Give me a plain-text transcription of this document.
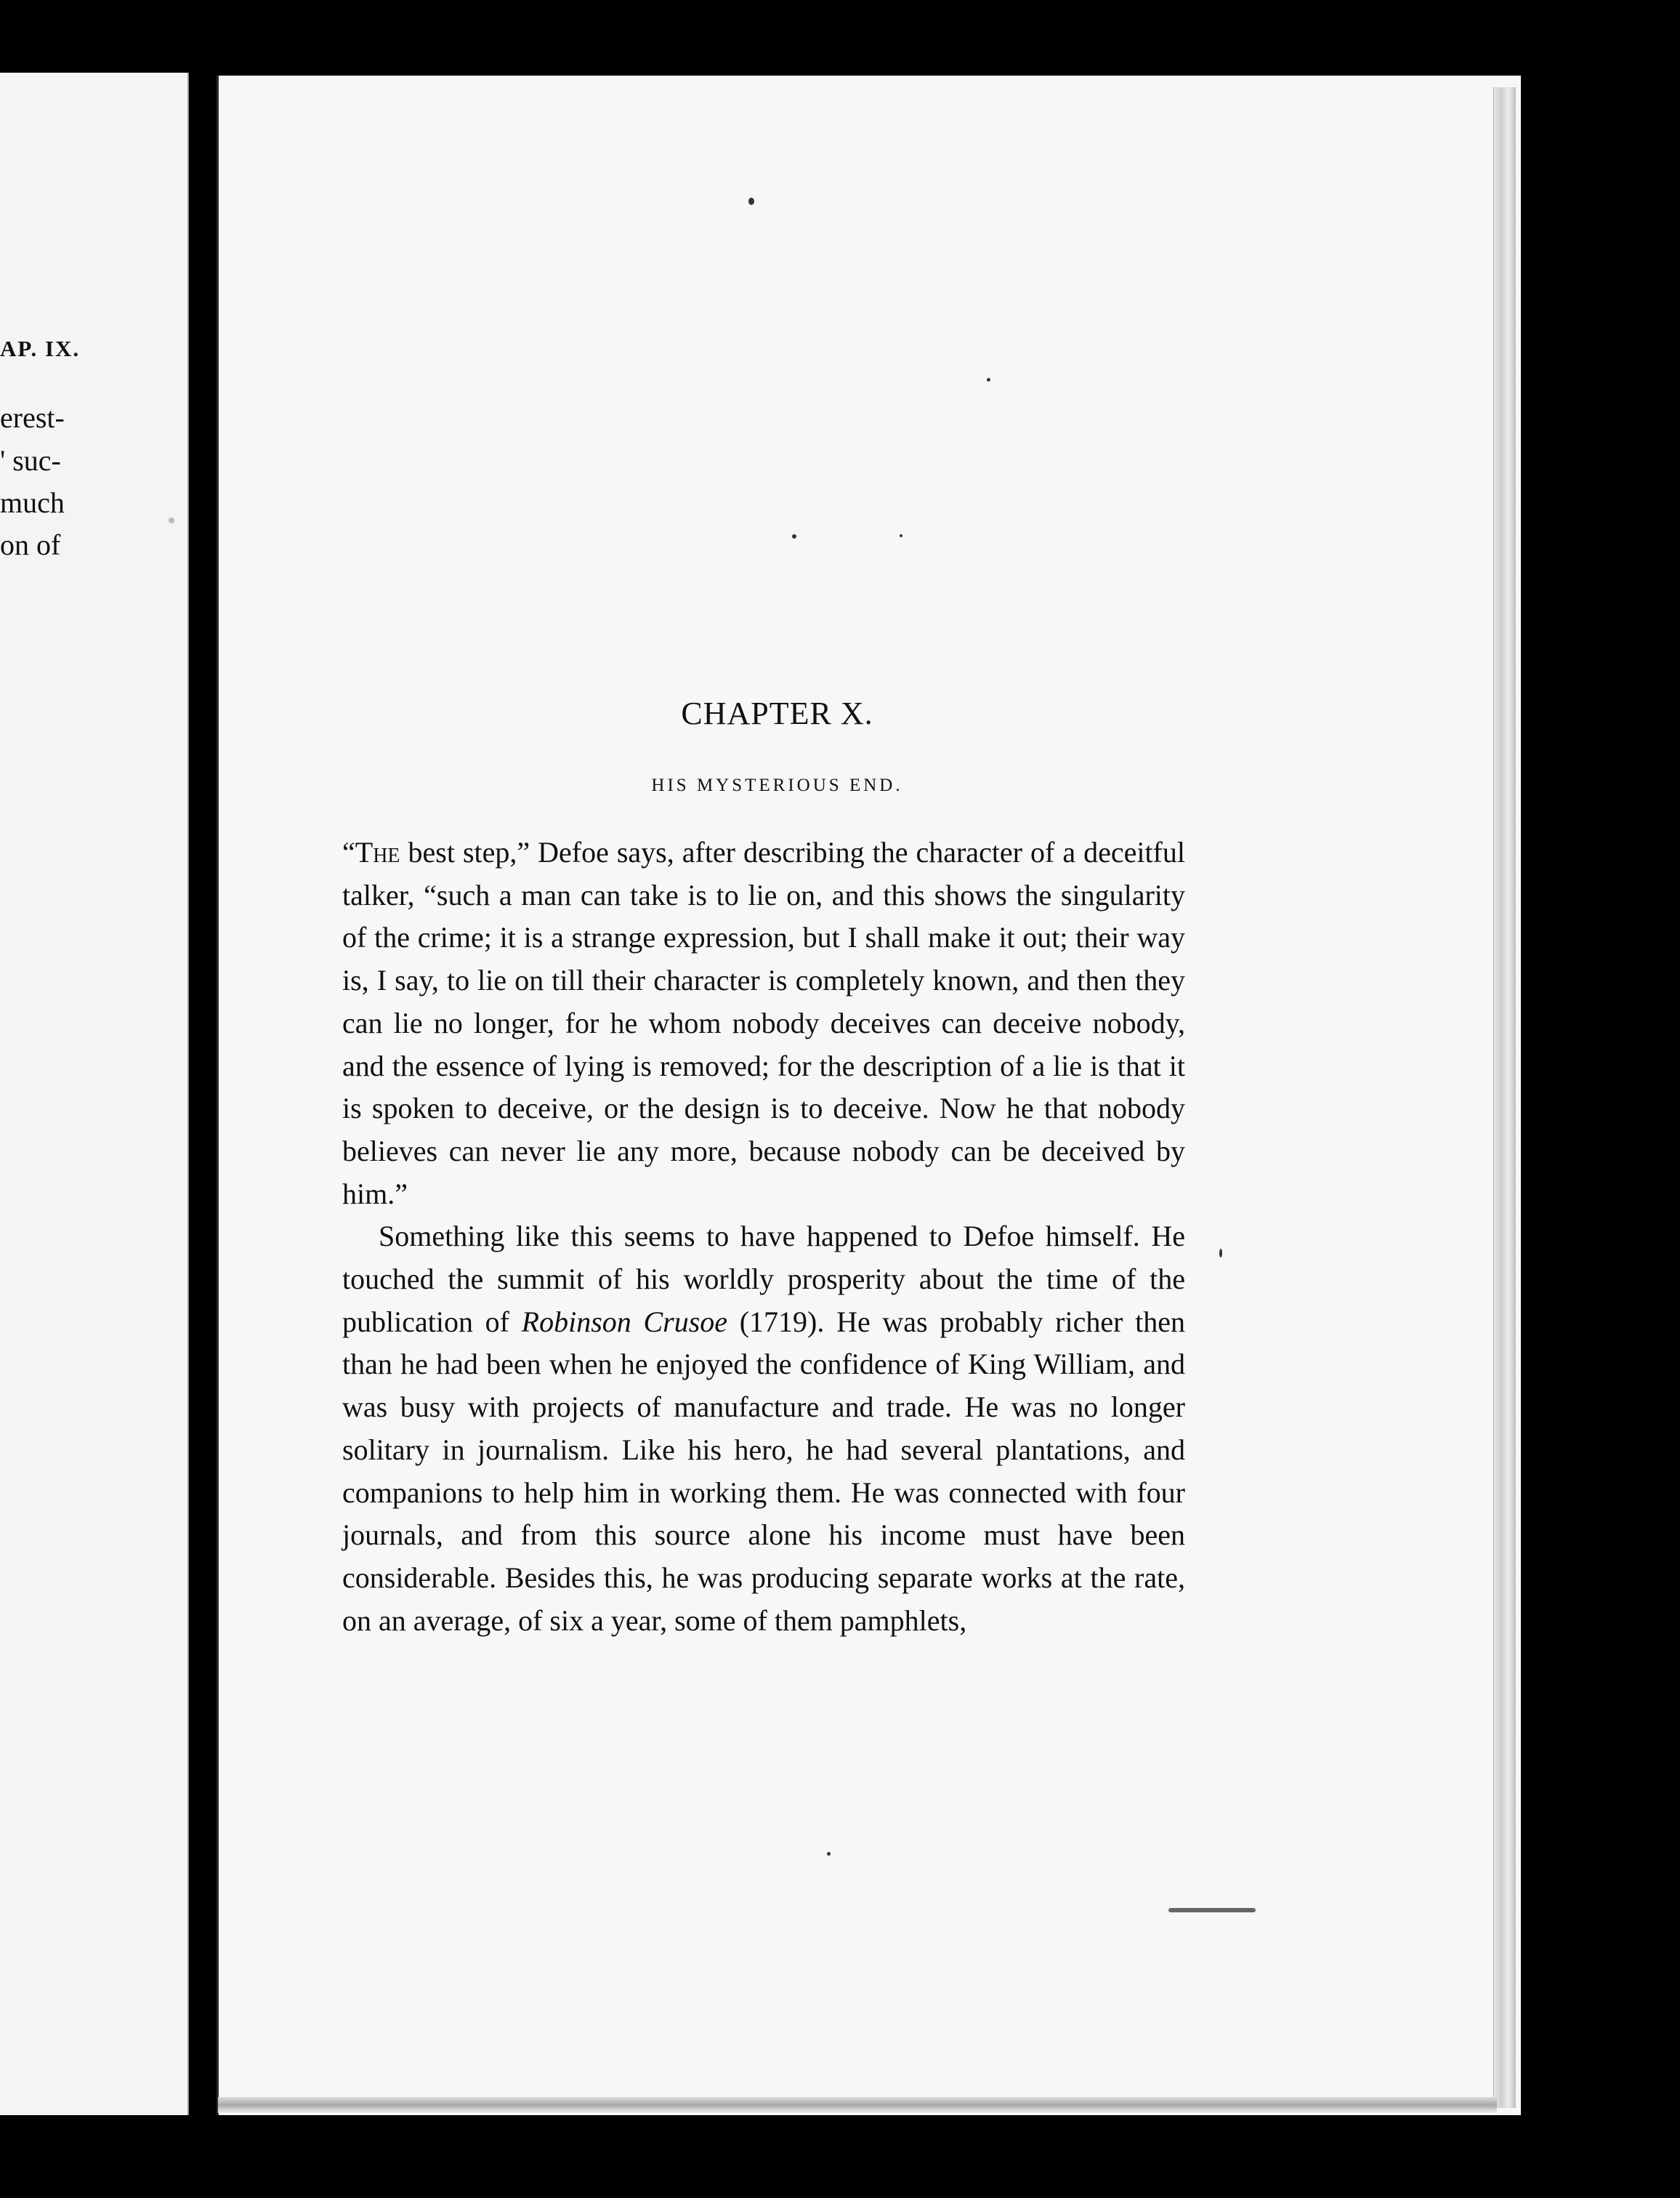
AP. IX.
erest-
' suc-
much
on of
CHAPTER X.
HIS MYSTERIOUS END.

“The best step,” Defoe says, after describing the character of a deceitful talker, “such a man can take is to lie on, and this shows the singularity of the crime; it is a strange expression, but I shall make it out; their way is, I say, to lie on till their character is completely known, and then they can lie no longer, for he whom nobody deceives can deceive nobody, and the essence of lying is removed; for the description of a lie is that it is spoken to deceive, or the design is to deceive. Now he that nobody believes can never lie any more, because nobody can be deceived by him.”

Something like this seems to have happened to Defoe himself. He touched the summit of his worldly prosperity about the time of the publication of Robinson Crusoe (1719). He was probably richer then than he had been when he enjoyed the confidence of King William, and was busy with projects of manufacture and trade. He was no longer solitary in journalism. Like his hero, he had several plantations, and companions to help him in working them. He was connected with four journals, and from this source alone his income must have been considerable. Besides this, he was producing separate works at the rate, on an average, of six a year, some of them pamphlets,
